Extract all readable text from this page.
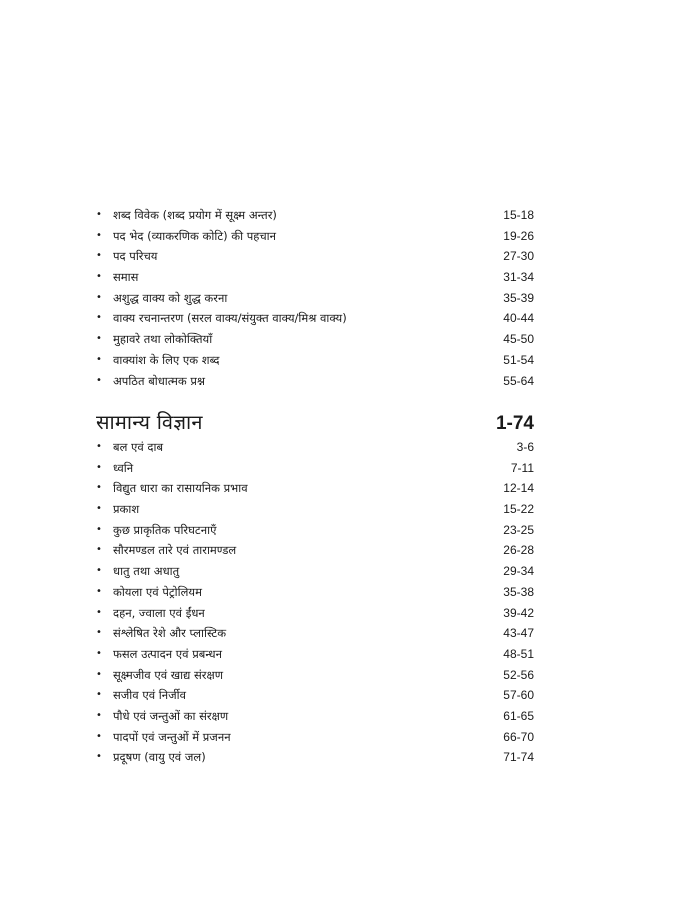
• शब्द विवेक (शब्द प्रयोग में सूक्ष्म अन्तर)	15-18
• पद भेद (व्याकरणिक कोटि) की पहचान	19-26
• पद परिचय	27-30
• समास	31-34
• अशुद्ध वाक्य को शुद्ध करना	35-39
• वाक्य रचनान्तरण (सरल वाक्य/संयुक्त वाक्य/मिश्र वाक्य)	40-44
• मुहावरे तथा लोकोक्तियाँ	45-50
• वाक्यांश के लिए एक शब्द	51-54
• अपठित बोधात्मक प्रश्न	55-64
सामान्य विज्ञान	1-74
• बल एवं दाब	3-6
• ध्वनि	7-11
• विद्युत धारा का रासायनिक प्रभाव	12-14
• प्रकाश	15-22
• कुछ प्राकृतिक परिघटनाएँ	23-25
• सौरमण्डल तारे एवं तारामण्डल	26-28
• धातु तथा अधातु	29-34
• कोयला एवं पेट्रोलियम	35-38
• दहन, ज्वाला एवं ईंधन	39-42
• संश्लेषित रेशे और प्लास्टिक	43-47
• फसल उत्पादन एवं प्रबन्धन	48-51
• सूक्ष्मजीव एवं खाद्य संरक्षण	52-56
• सजीव एवं निर्जीव	57-60
• पौधे एवं जन्तुओं का संरक्षण	61-65
• पादपों एवं जन्तुओं में प्रजनन	66-70
• प्रदूषण (वायु एवं जल)	71-74
